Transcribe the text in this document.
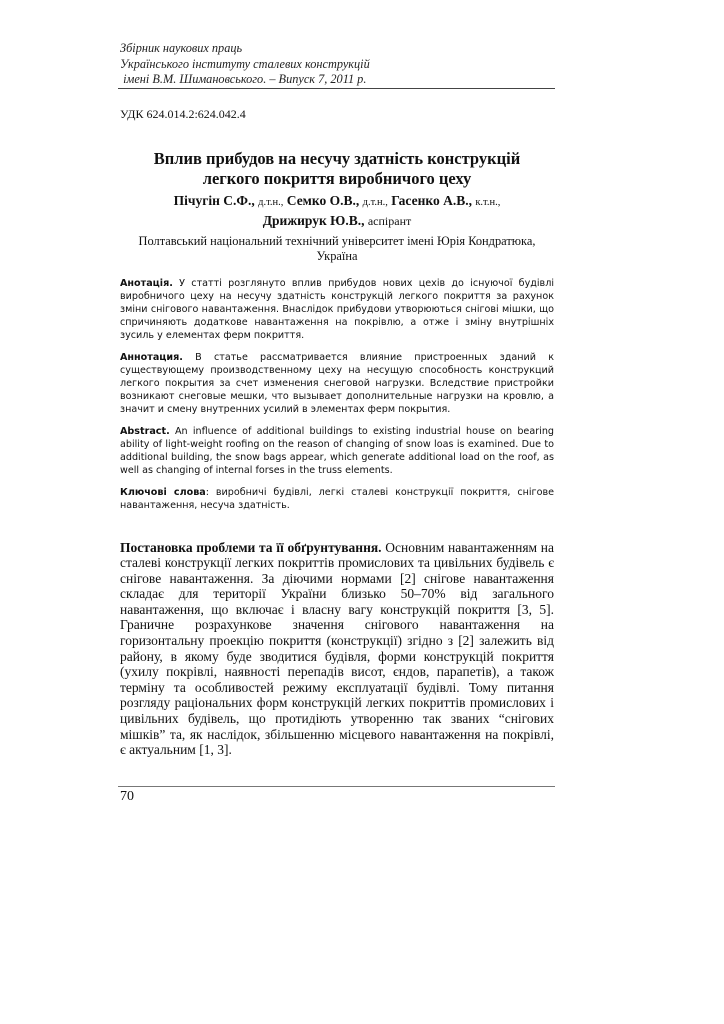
Збірник наукових праць
Українського інституту сталевих конструкцій
імені В.М. Шимановського. – Випуск 7, 2011 р.
УДК 624.014.2:624.042.4
Вплив прибудов на несучу здатність конструкцій
легкого покриття виробничого цеху
Пічугін С.Ф., д.т.н., Семко О.В., д.т.н., Гасенко А.В., к.т.н.,
Дрижирук Ю.В., аспірант
Полтавський національний технічний університет імені Юрія Кондратюка,
Україна
Анотація. У статті розглянуто вплив прибудов нових цехів до існуючої будівлі виробничого цеху на несучу здатність конструкцій легкого покриття за рахунок зміни снігового навантаження. Внаслідок прибудови утворюються снігові мішки, що спричиняють додаткове навантаження на покрівлю, а отже і зміну внутрішніх зусиль у елементах ферм покриття.
Аннотация. В статье рассматривается влияние пристроенных зданий к существующему производственному цеху на несущую способность конструкций легкого покрытия за счет изменения снеговой нагрузки. Вследствие пристройки возникают снеговые мешки, что вызывает дополнительные нагрузки на кровлю, а значит и смену внутренних усилий в элементах ферм покрытия.
Abstract. An influence of additional buildings to existing industrial house on bearing ability of light-weight roofing on the reason of changing of snow loas is examined. Due to additional building, the snow bags appear, which generate additional load on the roof, as well as changing of internal forses in the truss elements.
Ключові слова: виробничі будівлі, легкі сталеві конструкції покриття, снігове навантаження, несуча здатність.
Постановка проблеми та її обґрунтування. Основним навантаженням на сталеві конструкції легких покриттів промислових та цивільних будівель є снігове навантаження. За діючими нормами [2] снігове навантаження складає для території України близько 50–70% від загального навантаження, що включає і власну вагу конструкцій покриття [3, 5]. Граничне розрахункове значення снігового навантаження на горизонтальну проекцію покриття (конструкції) згідно з [2] залежить від району, в якому буде зводитися будівля, форми конструкцій покриття (ухилу покрівлі, наявності перепадів висот, єндов, парапетів), а також терміну та особливостей режиму експлуатації будівлі. Тому питання розгляду раціональних форм конструкцій легких покриттів промислових і цивільних будівель, що протидіють утворенню так званих “снігових мішків” та, як наслідок, збільшенню місцевого навантаження на покрівлі, є актуальним [1, 3].
70
